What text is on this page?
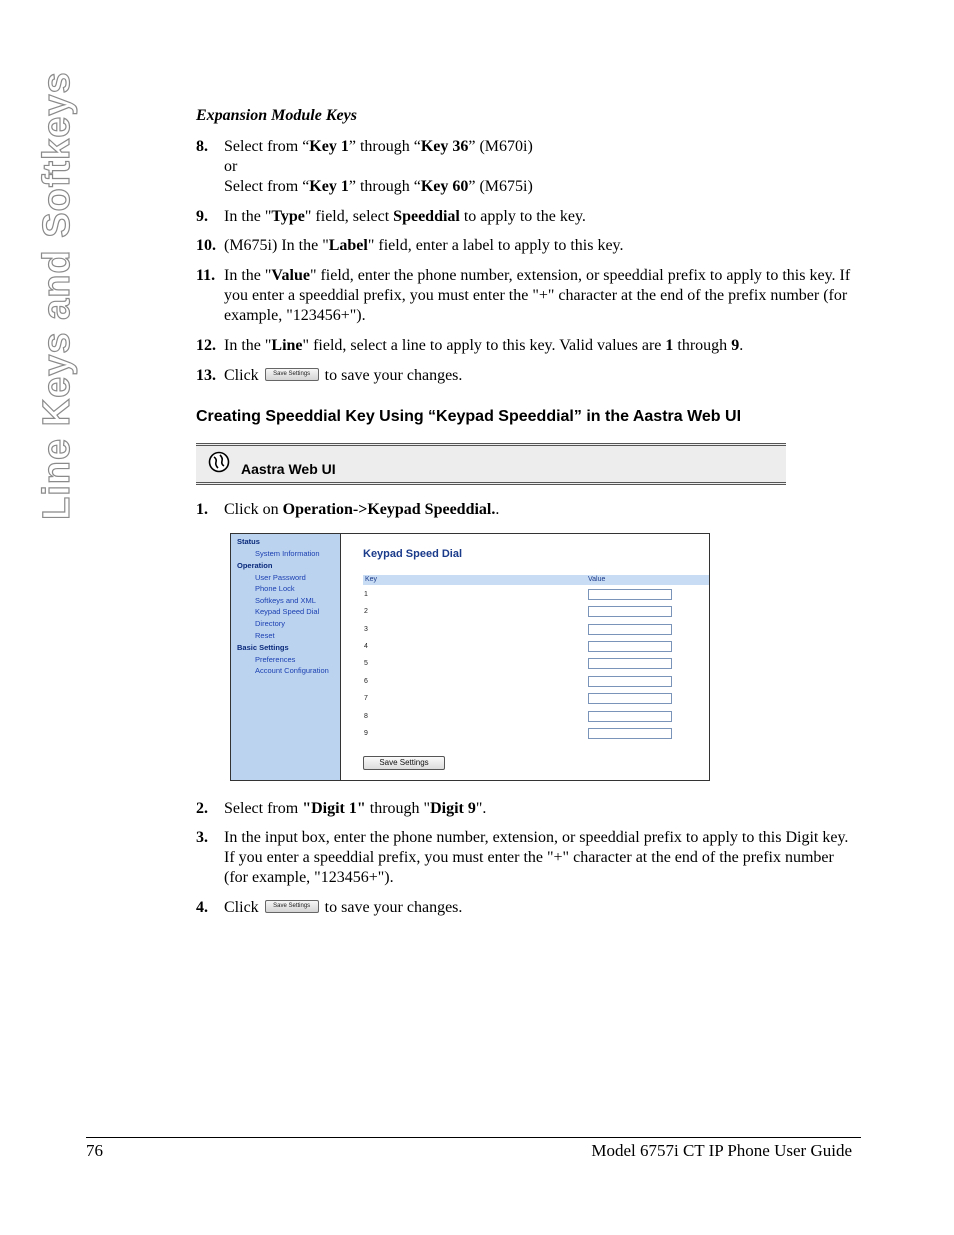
Line Keys and Softkeys	Expansion Module Keys
8. Select from “Key 1” through “Key 36” (M670i)
or
Select from “Key 1” through “Key 60” (M675i)
9. In the "Type" field, select Speeddial to apply to the key.
10. (M675i) In the "Label" field, enter a label to apply to this key.
11. In the "Value" field, enter the phone number, extension, or speeddial prefix to apply to this key. If you enter a speeddial prefix, you must enter the "+" character at the end of the prefix number (for example, "123456+").
12. In the "Line" field, select a line to apply to this key. Valid values are 1 through 9.
13. Click Save Settings to save your changes.
Creating Speeddial Key Using “Keypad Speeddial” in the Aastra Web UI
Aastra Web UI
1. Click on Operation->Keypad Speeddial..
Status
System Information
Operation
User Password
Phone Lock
Softkeys and XML
Keypad Speed Dial
Directory
Reset
Basic Settings
Preferences
Account Configuration
Keypad Speed Dial
Key	Value
1
2
3
4
5
6
7
8
9
Save Settings
2. Select from "Digit 1" through "Digit 9".
3. In the input box, enter the phone number, extension, or speeddial prefix to apply to this Digit key. If you enter a speeddial prefix, you must enter the "+" character at the end of the prefix number (for example, "123456+").
4. Click Save Settings to save your changes.
76	Model 6757i CT IP Phone User Guide
